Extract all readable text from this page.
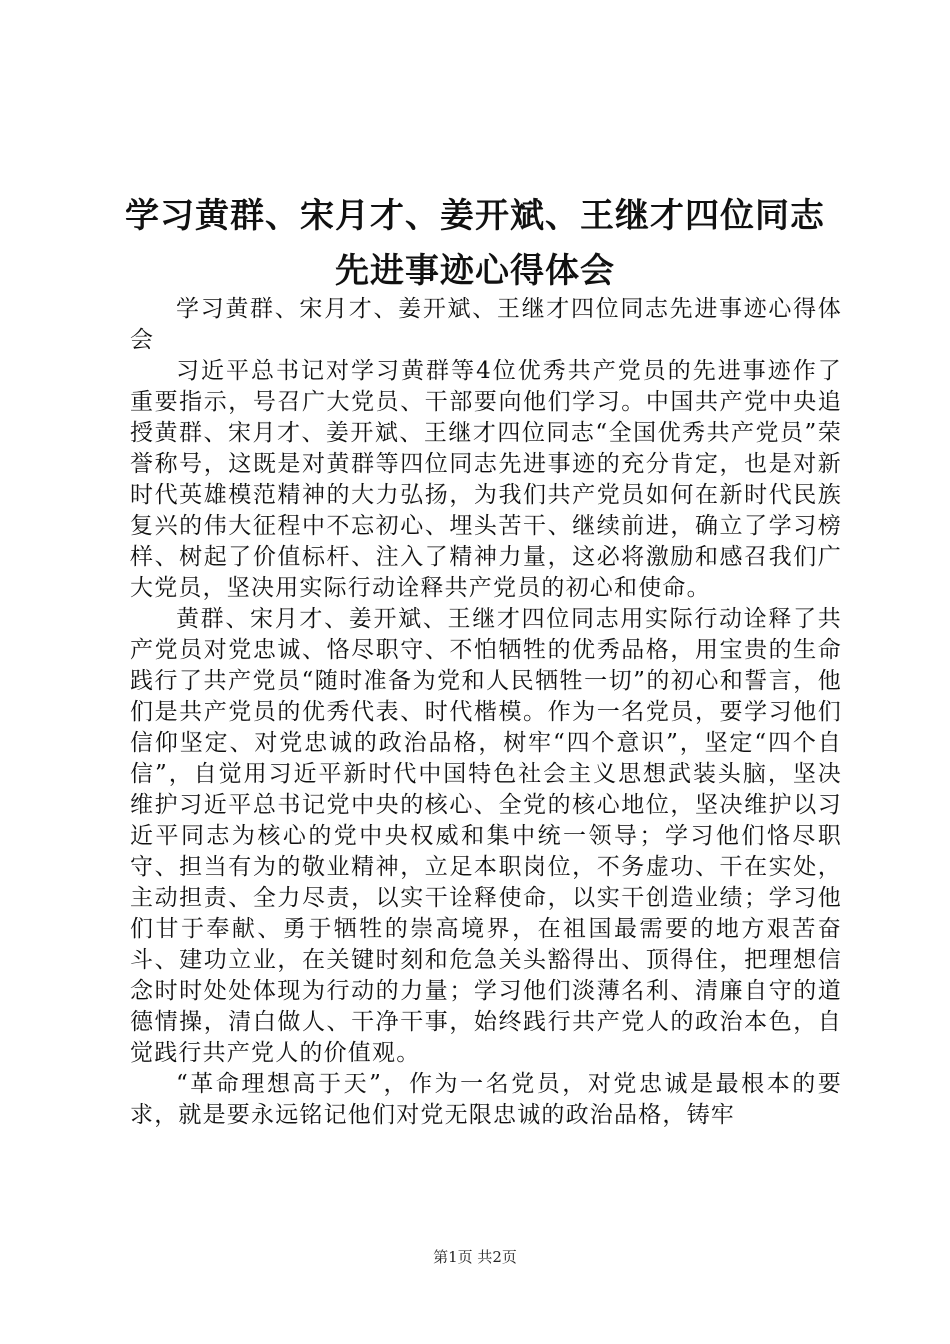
学习黄群、宋月才、姜开斌、王继才四位同志
先进事迹心得体会

学习黄群、宋月才、姜开斌、王继才四位同志先进事迹心得体会

习近平总书记对学习黄群等4位优秀共产党员的先进事迹作了重要指示，号召广大党员、干部要向他们学习。中国共产党中央追授黄群、宋月才、姜开斌、王继才四位同志“全国优秀共产党员”荣誉称号，这既是对黄群等四位同志先进事迹的充分肯定，也是对新时代英雄模范精神的大力弘扬，为我们共产党员如何在新时代民族复兴的伟大征程中不忘初心、埋头苦干、继续前进，确立了学习榜样、树起了价值标杆、注入了精神力量，这必将激励和感召我们广大党员，坚决用实际行动诠释共产党员的初心和使命。

黄群、宋月才、姜开斌、王继才四位同志用实际行动诠释了共产党员对党忠诚、恪尽职守、不怕牺牲的优秀品格，用宝贵的生命践行了共产党员“随时准备为党和人民牺牲一切”的初心和誓言，他们是共产党员的优秀代表、时代楷模。作为一名党员，要学习他们信仰坚定、对党忠诚的政治品格，树牢“四个意识”，坚定“四个自信”，自觉用习近平新时代中国特色社会主义思想武装头脑，坚决维护习近平总书记党中央的核心、全党的核心地位，坚决维护以习近平同志为核心的党中央权威和集中统一领导；学习他们恪尽职守、担当有为的敬业精神，立足本职岗位，不务虚功、干在实处，主动担责、全力尽责，以实干诠释使命，以实干创造业绩；学习他们甘于奉献、勇于牺牲的崇高境界，在祖国最需要的地方艰苦奋斗、建功立业，在关键时刻和危急关头豁得出、顶得住，把理想信念时时处处体现为行动的力量；学习他们淡薄名利、清廉自守的道德情操，清白做人、干净干事，始终践行共产党人的政治本色，自觉践行共产党人的价值观。

“革命理想高于天”，作为一名党员，对党忠诚是最根本的要求，就是要永远铭记他们对党无限忠诚的政治品格，铸牢

第1页 共2页
